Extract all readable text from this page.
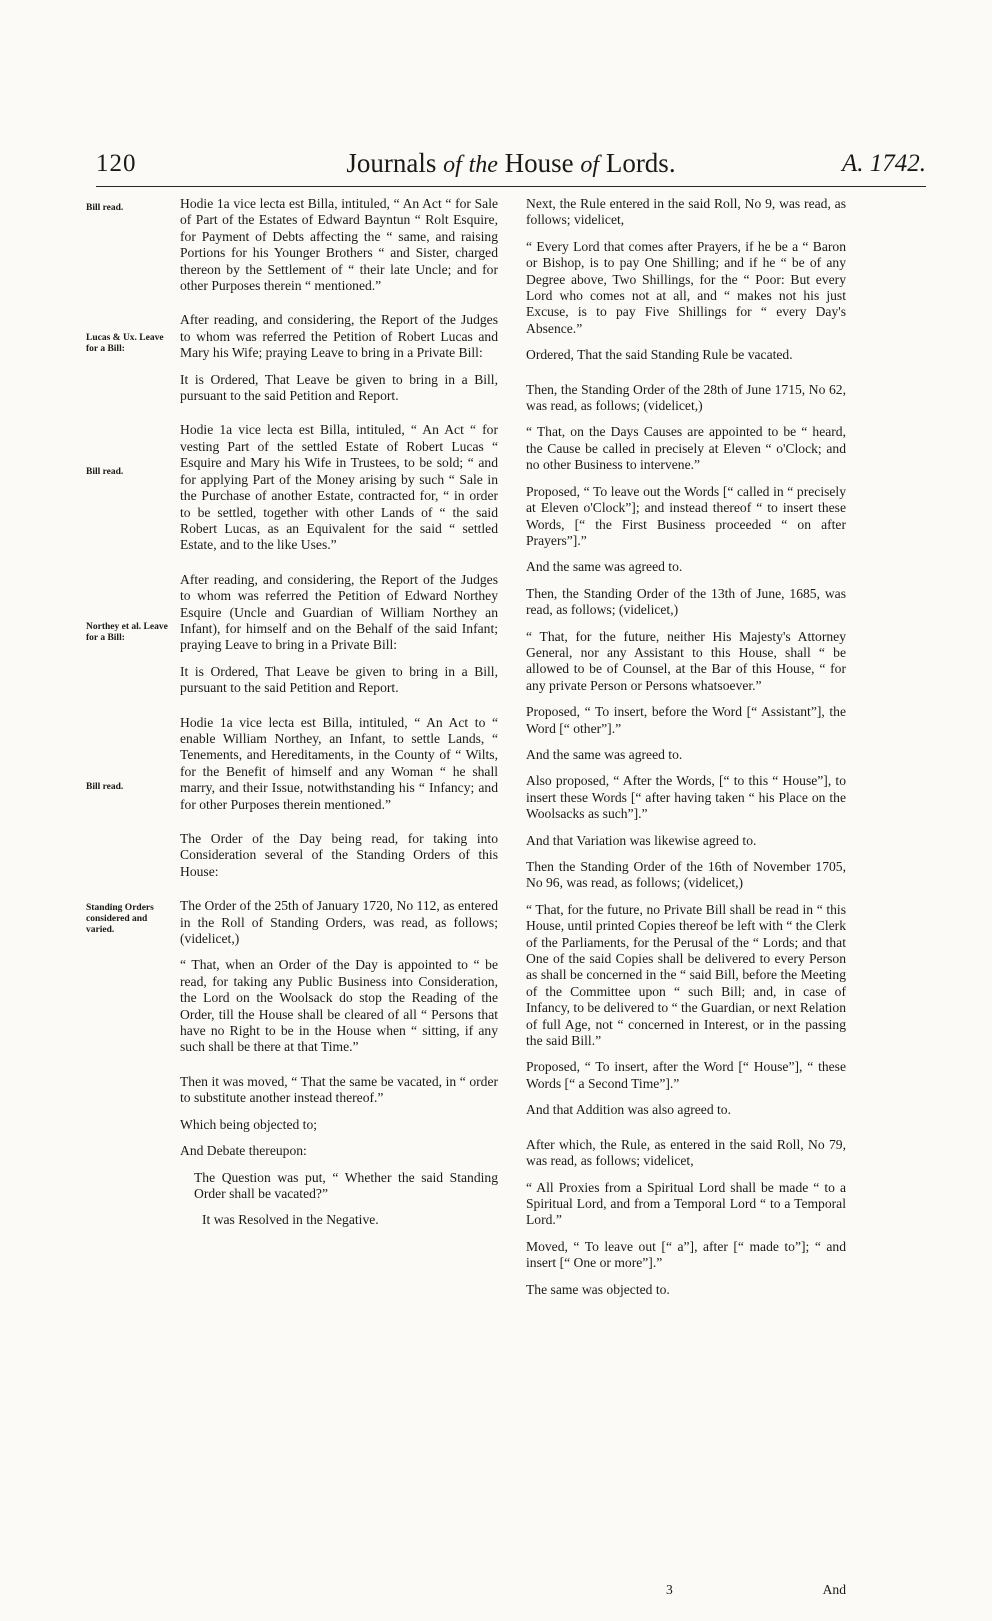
120	Journals of the House of Lords.	A. 1742.
Bill read.
Lucas & Ux. Leave for a Bill:
Bill read.
Northey et al. Leave for a Bill:
Bill read.
Standing Orders considered and varied.

Hodie 1a vice lecta est Billa, intituled, “ An Act “ for Sale of Part of the Estates of Edward Bayntun “ Rolt Esquire, for Payment of Debts affecting the “ same, and raising Portions for his Younger Brothers “ and Sister, charged thereon by the Settlement of “ their late Uncle; and for other Purposes therein “ mentioned.”

After reading, and considering, the Report of the Judges to whom was referred the Petition of Robert Lucas and Mary his Wife; praying Leave to bring in a Private Bill:

It is Ordered, That Leave be given to bring in a Bill, pursuant to the said Petition and Report.

Hodie 1a vice lecta est Billa, intituled, “ An Act “ for vesting Part of the settled Estate of Robert Lucas “ Esquire and Mary his Wife in Trustees, to be sold; “ and for applying Part of the Money arising by such “ Sale in the Purchase of another Estate, contracted for, “ in order to be settled, together with other Lands of “ the said Robert Lucas, as an Equivalent for the said “ settled Estate, and to the like Uses.”

After reading, and considering, the Report of the Judges to whom was referred the Petition of Edward Northey Esquire (Uncle and Guardian of William Northey an Infant), for himself and on the Behalf of the said Infant; praying Leave to bring in a Private Bill:

It is Ordered, That Leave be given to bring in a Bill, pursuant to the said Petition and Report.

Hodie 1a vice lecta est Billa, intituled, “ An Act to “ enable William Northey, an Infant, to settle Lands, “ Tenements, and Hereditaments, in the County of “ Wilts, for the Benefit of himself and any Woman “ he shall marry, and their Issue, notwithstanding his “ Infancy; and for other Purposes therein mentioned.”

The Order of the Day being read, for taking into Consideration several of the Standing Orders of this House:

The Order of the 25th of January 1720, No 112, as entered in the Roll of Standing Orders, was read, as follows; (videlicet,)

“ That, when an Order of the Day is appointed to “ be read, for taking any Public Business into Consideration, the Lord on the Woolsack do stop the Reading of the Order, till the House shall be cleared of all “ Persons that have no Right to be in the House when “ sitting, if any such shall be there at that Time.”

Then it was moved, “ That the same be vacated, in “ order to substitute another instead thereof.”

Which being objected to;

And Debate thereupon:

The Question was put, “ Whether the said Standing Order shall be vacated?”

It was Resolved in the Negative.

Next, the Rule entered in the said Roll, No 9, was read, as follows; videlicet,

“ Every Lord that comes after Prayers, if he be a “ Baron or Bishop, is to pay One Shilling; and if he “ be of any Degree above, Two Shillings, for the “ Poor: But every Lord who comes not at all, and “ makes not his just Excuse, is to pay Five Shillings for “ every Day's Absence.”

Ordered, That the said Standing Rule be vacated.

Then, the Standing Order of the 28th of June 1715, No 62, was read, as follows; (videlicet,)

“ That, on the Days Causes are appointed to be “ heard, the Cause be called in precisely at Eleven “ o'Clock; and no other Business to intervene.”

Proposed, “ To leave out the Words [“ called in “ precisely at Eleven o'Clock”]; and instead thereof “ to insert these Words, [“ the First Business proceeded “ on after Prayers”].”

And the same was agreed to.

Then, the Standing Order of the 13th of June, 1685, was read, as follows; (videlicet,)

“ That, for the future, neither His Majesty's Attorney General, nor any Assistant to this House, shall “ be allowed to be of Counsel, at the Bar of this House, “ for any private Person or Persons whatsoever.”

Proposed, “ To insert, before the Word [“ Assistant”], the Word [“ other”].”

And the same was agreed to.

Also proposed, “ After the Words, [“ to this “ House”], to insert these Words [“ after having taken “ his Place on the Woolsacks as such”].”

And that Variation was likewise agreed to.

Then the Standing Order of the 16th of November 1705, No 96, was read, as follows; (videlicet,)

“ That, for the future, no Private Bill shall be read in “ this House, until printed Copies thereof be left with “ the Clerk of the Parliaments, for the Perusal of the “ Lords; and that One of the said Copies shall be delivered to every Person as shall be concerned in the “ said Bill, before the Meeting of the Committee upon “ such Bill; and, in case of Infancy, to be delivered to “ the Guardian, or next Relation of full Age, not “ concerned in Interest, or in the passing the said Bill.”

Proposed, “ To insert, after the Word [“ House”], “ these Words [“ a Second Time”].”

And that Addition was also agreed to.

After which, the Rule, as entered in the said Roll, No 79, was read, as follows; videlicet,

“ All Proxies from a Spiritual Lord shall be made “ to a Spiritual Lord, and from a Temporal Lord “ to a Temporal Lord.”

Moved, “ To leave out [“ a”], after [“ made to”]; “ and insert [“ One or more”].”

The same was objected to.

3	And
